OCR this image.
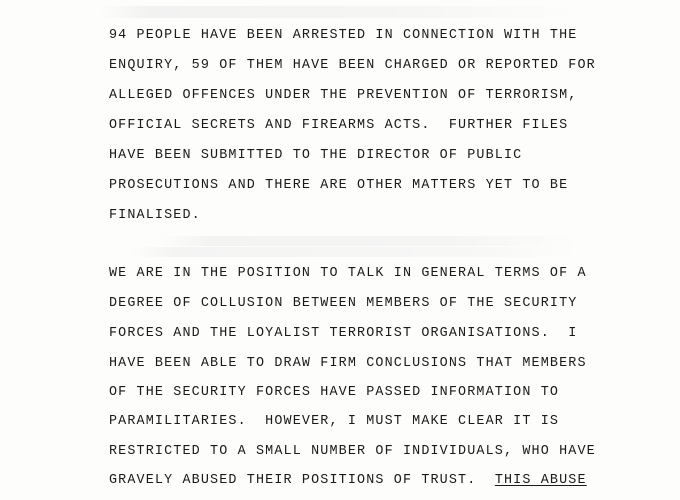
94 PEOPLE HAVE BEEN ARRESTED IN CONNECTION WITH THE

ENQUIRY, 59 OF THEM HAVE BEEN CHARGED OR REPORTED FOR

ALLEGED OFFENCES UNDER THE PREVENTION OF TERRORISM,

OFFICIAL SECRETS AND FIREARMS ACTS.  FURTHER FILES

HAVE BEEN SUBMITTED TO THE DIRECTOR OF PUBLIC

PROSECUTIONS AND THERE ARE OTHER MATTERS YET TO BE

FINALISED.

WE ARE IN THE POSITION TO TALK IN GENERAL TERMS OF A

DEGREE OF COLLUSION BETWEEN MEMBERS OF THE SECURITY

FORCES AND THE LOYALIST TERRORIST ORGANISATIONS.  I

HAVE BEEN ABLE TO DRAW FIRM CONCLUSIONS THAT MEMBERS

OF THE SECURITY FORCES HAVE PASSED INFORMATION TO

PARAMILITARIES.  HOWEVER, I MUST MAKE CLEAR IT IS

RESTRICTED TO A SMALL NUMBER OF INDIVIDUALS, WHO HAVE

GRAVELY ABUSED THEIR POSITIONS OF TRUST.  THIS ABUSE
